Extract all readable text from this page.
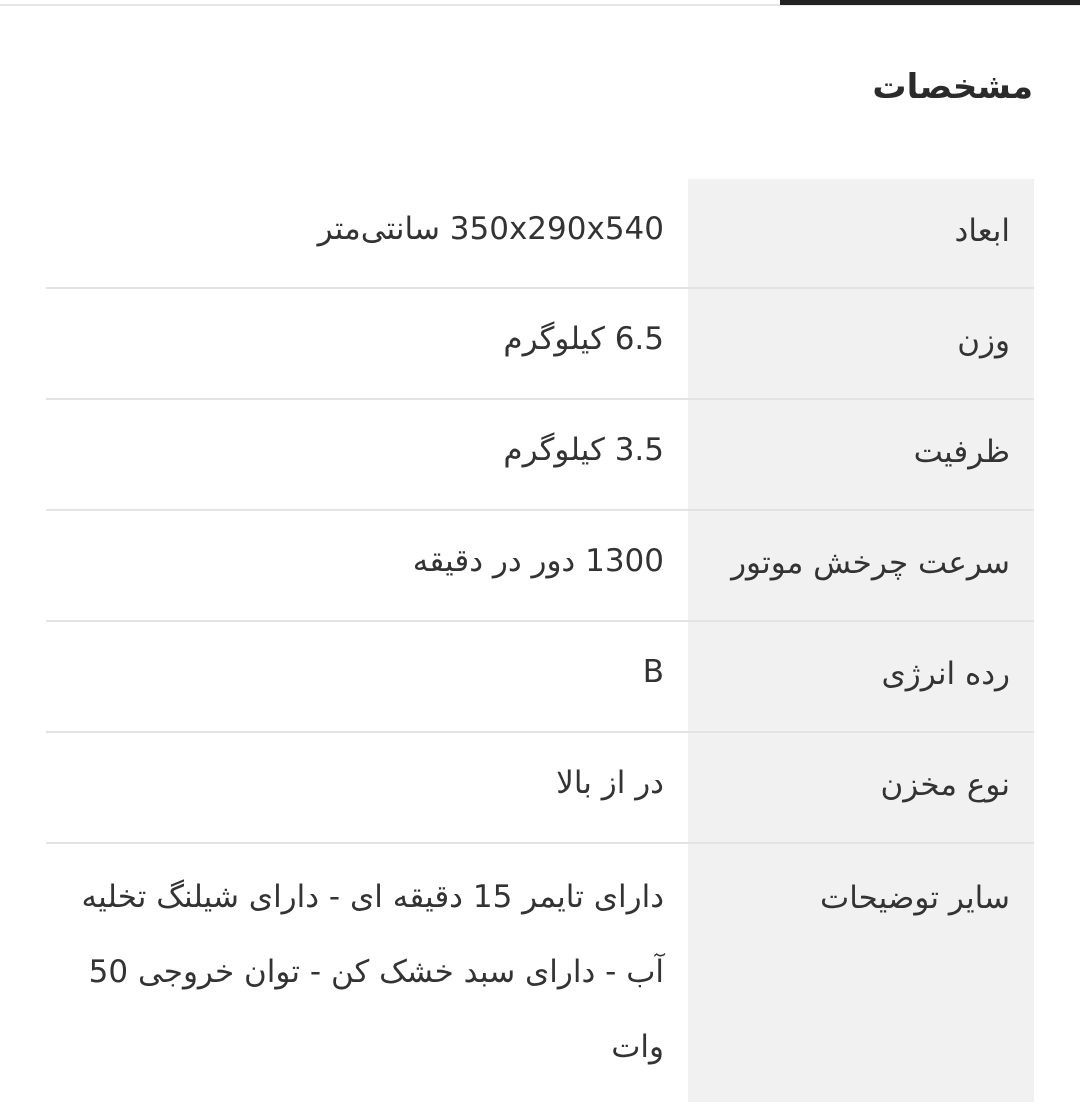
مشخصات
ابعاد
350x290x540 سانتی‌متر
وزن
6.5 کیلوگرم
ظرفیت
3.5 کیلوگرم
سرعت چرخش موتور
1300 دور در دقیقه
رده انرژی
B
نوع مخزن
در از بالا
سایر توضیحات
دارای تایمر 15 دقیقه ای - دارای شیلنگ تخلیه آب - دارای سبد خشک کن - توان خروجی 50 وات
